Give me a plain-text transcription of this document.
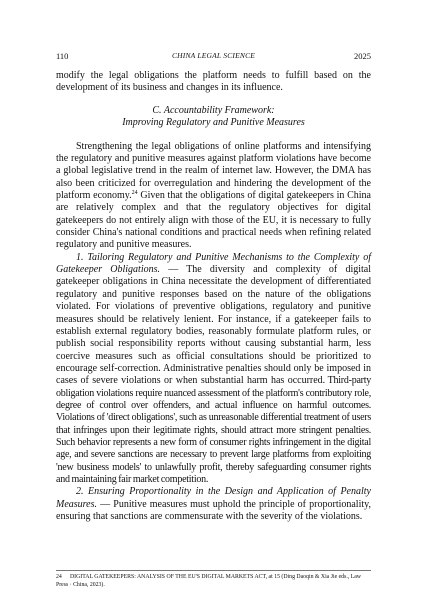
110	CHINA LEGAL SCIENCE	2025

modify the legal obligations the platform needs to fulfill based on the development of its business and changes in its influence.

C. Accountability Framework:
Improving Regulatory and Punitive Measures

Strengthening the legal obligations of online platforms and intensifying the regulatory and punitive measures against platform violations have become a global legislative trend in the realm of internet law. However, the DMA has also been criticized for overregulation and hindering the development of the platform economy.$^{24}$ Given that the obligations of digital gatekeepers in China are relatively complex and that the regulatory objectives for digital gatekeepers do not entirely align with those of the EU, it is necessary to fully consider China's national conditions and practical needs when refining related regulatory and punitive measures.

1. Tailoring Regulatory and Punitive Mechanisms to the Complexity of Gatekeeper Obligations. — The diversity and complexity of digital gatekeeper obligations in China necessitate the development of differentiated regulatory and punitive responses based on the nature of the obligations violated. For violations of preventive obligations, regulatory and punitive measures should be relatively lenient. For instance, if a gatekeeper fails to establish external regulatory bodies, reasonably formulate platform rules, or publish social responsibility reports without causing substantial harm, less coercive measures such as official consultations should be prioritized to encourage self-correction. Administrative penalties should only be imposed in cases of severe violations or when substantial harm has occurred. Third-party obligation violations require nuanced assessment of the platform's contributory role, degree of control over offenders, and actual influence on harmful outcomes. Violations of 'direct obligations', such as unreasonable differential treatment of users that infringes upon their legitimate rights, should attract more stringent penalties. Such behavior represents a new form of consumer rights infringement in the digital age, and severe sanctions are necessary to prevent large platforms from exploiting 'new business models' to unlawfully profit, thereby safeguarding consumer rights and maintaining fair market competition.

2. Ensuring Proportionality in the Design and Application of Penalty Measures. — Punitive measures must uphold the principle of proportionality, ensuring that sanctions are commensurate with the severity of the violations.

24 DIGITAL GATEKEEPERS: ANALYSIS OF THE EU'S DIGITAL MARKETS ACT, at 15 (Ding Daoqin & Xia Jie eds., Law Press · China, 2023).
